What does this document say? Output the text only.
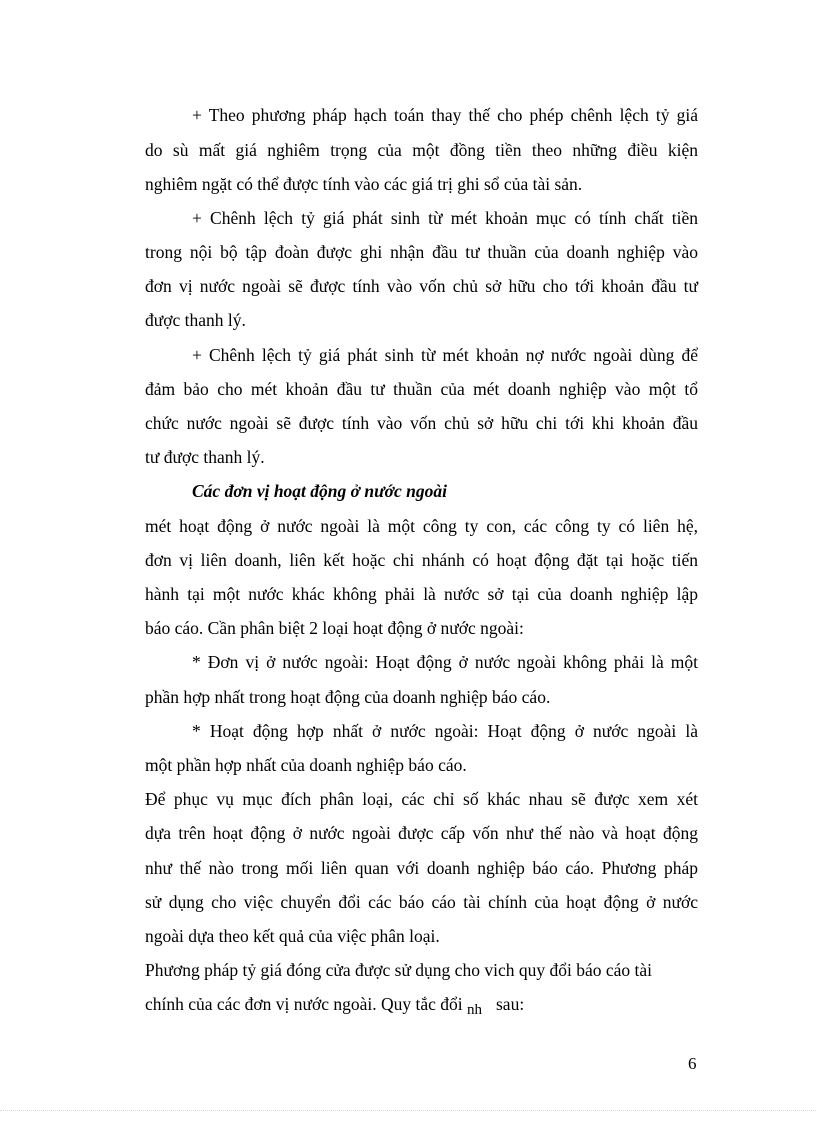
+ Theo phương pháp hạch toán thay thế cho phép chênh lệch tỷ giá
do sù mất giá nghiêm trọng của một đồng tiền theo những điều kiện
nghiêm ngặt có thể được tính vào các giá trị ghi sổ của tài sản.
+ Chênh lệch tỷ giá phát sinh từ mét khoản mục có tính chất tiền
trong nội bộ tập đoàn được ghi nhận đầu tư thuần của doanh nghiệp vào
đơn vị nước ngoài sẽ được tính vào vốn chủ sở hữu cho tới khoản đầu tư
được thanh lý.
+ Chênh lệch tỷ giá phát sinh từ mét khoản nợ nước ngoài dùng để
đảm bảo cho mét khoản đầu tư thuần của mét doanh nghiệp vào một tổ
chức nước ngoài sẽ được tính vào vốn chủ sở hữu chi tới khi khoản đầu
tư được thanh lý.
Các đơn vị hoạt động ở nước ngoài
mét hoạt động ở nước ngoài là một công ty con, các công ty có liên hệ,
đơn vị liên doanh, liên kết hoặc chi nhánh có hoạt động đặt tại hoặc tiến
hành tại một nước khác không phải là nước sở tại của doanh nghiệp lập
báo cáo. Cần phân biệt 2 loại hoạt động ở nước ngoài:
* Đơn vị ở nước ngoài: Hoạt động ở nước ngoài không phải là một
phần hợp nhất trong hoạt động của doanh nghiệp báo cáo.
* Hoạt động hợp nhất ở nước ngoài: Hoạt động ở nước ngoài là
một phần hợp nhất của doanh nghiệp báo cáo.
Để phục vụ mục đích phân loại, các chỉ số khác nhau sẽ được xem xét
dựa trên hoạt động ở nước ngoài được cấp vốn như thế nào và hoạt động
như thế nào trong mối liên quan với doanh nghiệp báo cáo. Phương pháp
sử dụng cho việc chuyển đổi các báo cáo tài chính của hoạt động ở nước
ngoài dựa theo kết quả của việc phân loại.
Phương pháp tỷ giá đóng cửa được sử dụng cho vich quy đổi báo cáo tài
chính của các đơn vị nước ngoài. Quy tắc đổi nh sau:
6
